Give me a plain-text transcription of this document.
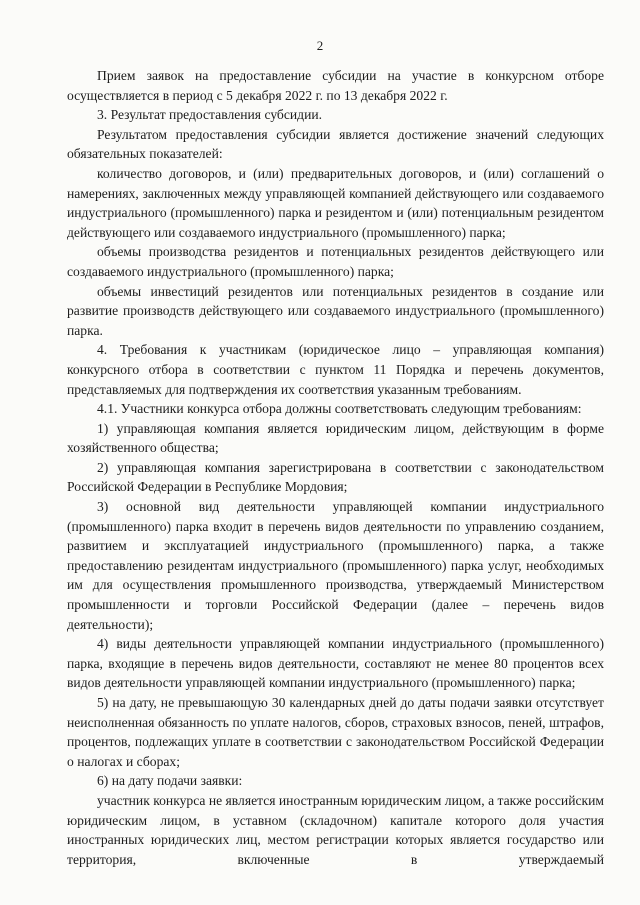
2

Прием заявок на предоставление субсидии на участие в конкурсном отборе осуществляется в период с 5 декабря 2022 г. по 13 декабря 2022 г.

3. Результат предоставления субсидии.

Результатом предоставления субсидии является достижение значений следующих обязательных показателей:

количество договоров, и (или) предварительных договоров, и (или) соглашений о намерениях, заключенных между управляющей компанией действующего или создаваемого индустриального (промышленного) парка и резидентом и (или) потенциальным резидентом действующего или создаваемого индустриального (промышленного) парка;

объемы производства резидентов и потенциальных резидентов действующего или создаваемого индустриального (промышленного) парка;

объемы инвестиций резидентов или потенциальных резидентов в создание или развитие производств действующего или создаваемого индустриального (промышленного) парка.

4. Требования к участникам (юридическое лицо – управляющая компания) конкурсного отбора в соответствии с пунктом 11 Порядка и перечень документов, представляемых для подтверждения их соответствия указанным требованиям.

4.1. Участники конкурса отбора должны соответствовать следующим требованиям:

1) управляющая компания является юридическим лицом, действующим в форме хозяйственного общества;

2) управляющая компания зарегистрирована в соответствии с законодательством Российской Федерации в Республике Мордовия;

3) основной вид деятельности управляющей компании индустриального (промышленного) парка входит в перечень видов деятельности по управлению созданием, развитием и эксплуатацией индустриального (промышленного) парка, а также предоставлению резидентам индустриального (промышленного) парка услуг, необходимых им для осуществления промышленного производства, утверждаемый Министерством промышленности и торговли Российской Федерации (далее – перечень видов деятельности);

4) виды деятельности управляющей компании индустриального (промышленного) парка, входящие в перечень видов деятельности, составляют не менее 80 процентов всех видов деятельности управляющей компании индустриального (промышленного) парка;

5) на дату, не превышающую 30 календарных дней до даты подачи заявки отсутствует неисполненная обязанность по уплате налогов, сборов, страховых взносов, пеней, штрафов, процентов, подлежащих уплате в соответствии с законодательством Российской Федерации о налогах и сборах;

6) на дату подачи заявки:

участник конкурса не является иностранным юридическим лицом, а также российским юридическим лицом, в уставном (складочном) капитале которого доля участия иностранных юридических лиц, местом регистрации которых является государство или территория, включенные в утверждаемый
